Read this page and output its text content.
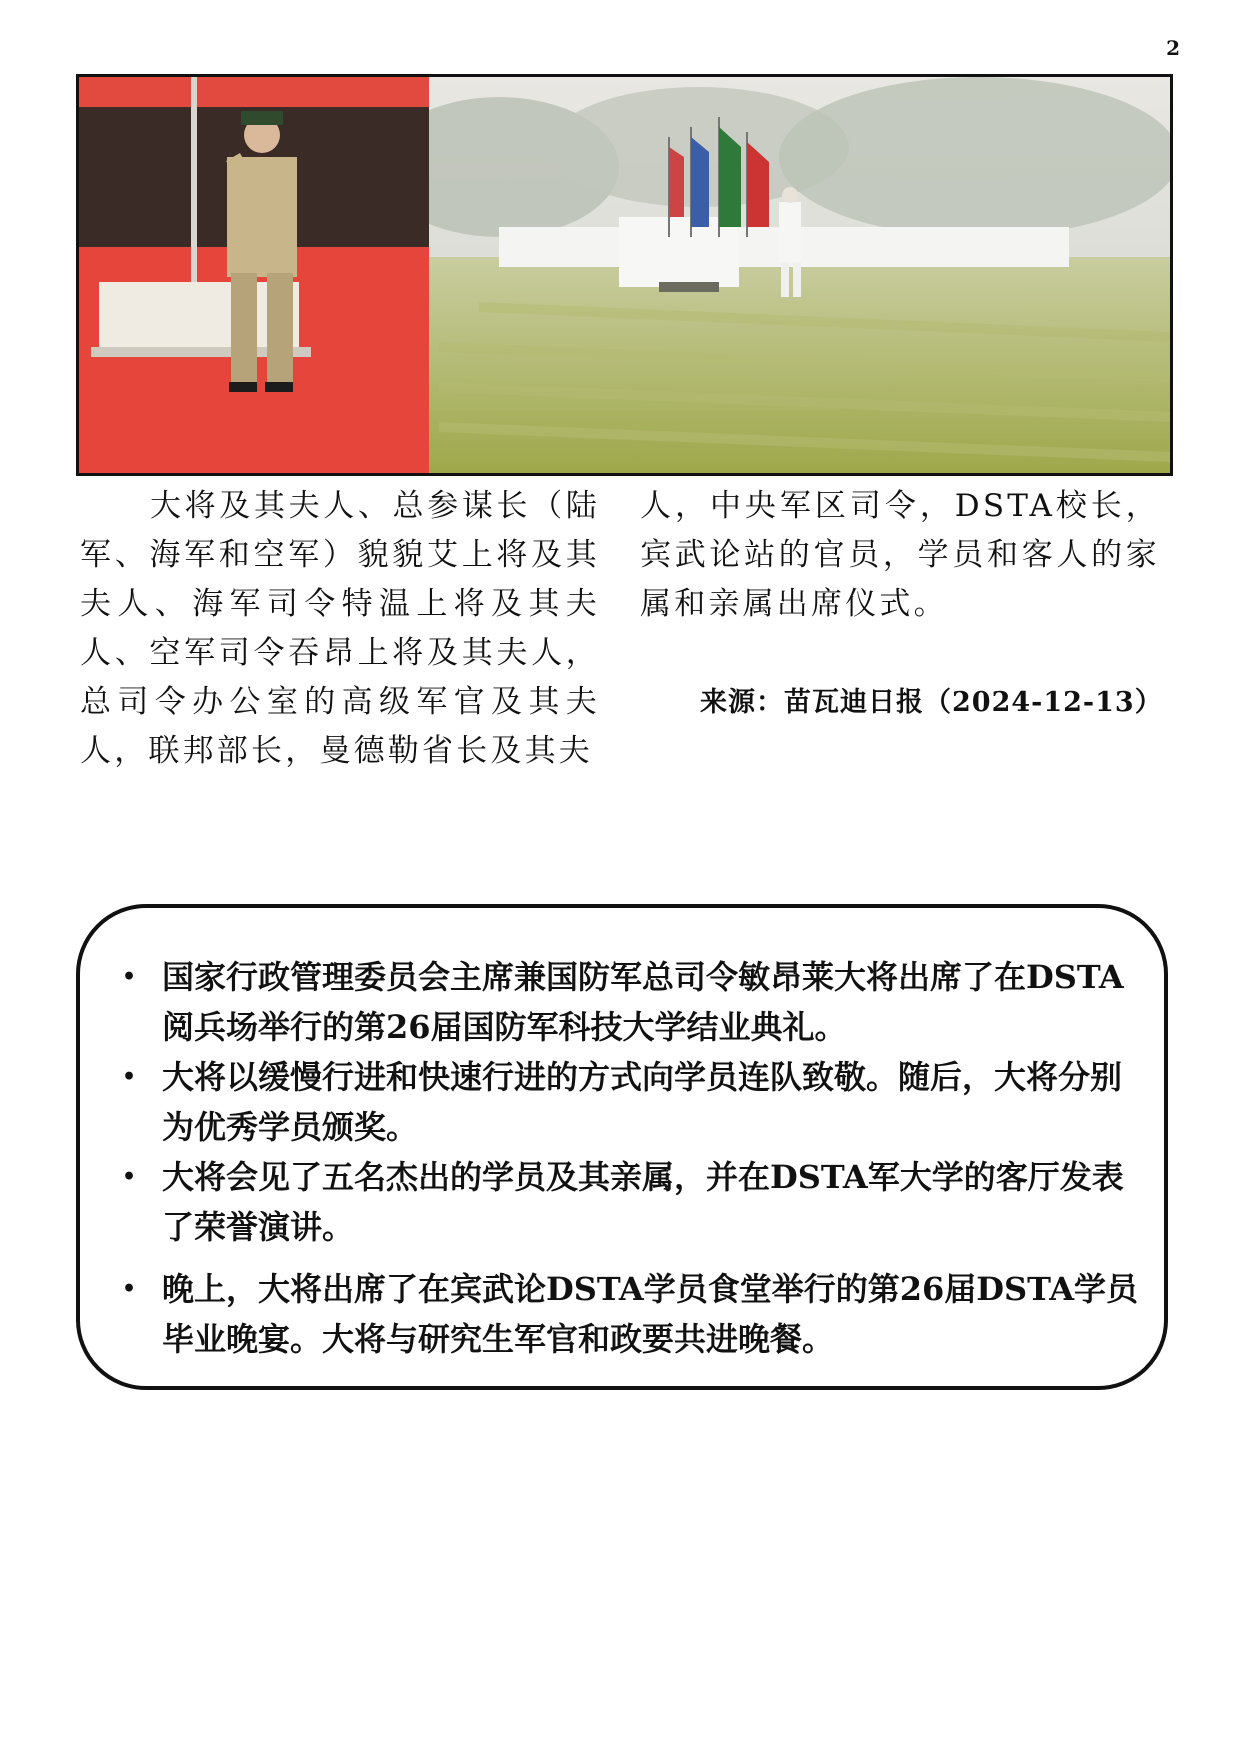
2

大将及其夫人、总参谋长（陆军、海军和空军）貌貌艾上将及其夫人、海军司令特温上将及其夫人、空军司令吞昂上将及其夫人，总司令办公室的高级军官及其夫人，联邦部长，曼德勒省长及其夫

人，中央军区司令，DSTA校长，宾武论站的官员，学员和客人的家属和亲属出席仪式。

来源：苗瓦迪日报（2024-12-13）
• 国家行政管理委员会主席兼国防军总司令敏昂莱大将出席了在DSTA阅兵场举行的第26届国防军科技大学结业典礼。
• 大将以缓慢行进和快速行进的方式向学员连队致敬。随后，大将分别为优秀学员颁奖。
• 大将会见了五名杰出的学员及其亲属，并在DSTA军大学的客厅发表了荣誉演讲。
• 晚上，大将出席了在宾武论DSTA学员食堂举行的第26届DSTA学员毕业晚宴。大将与研究生军官和政要共进晚餐。
